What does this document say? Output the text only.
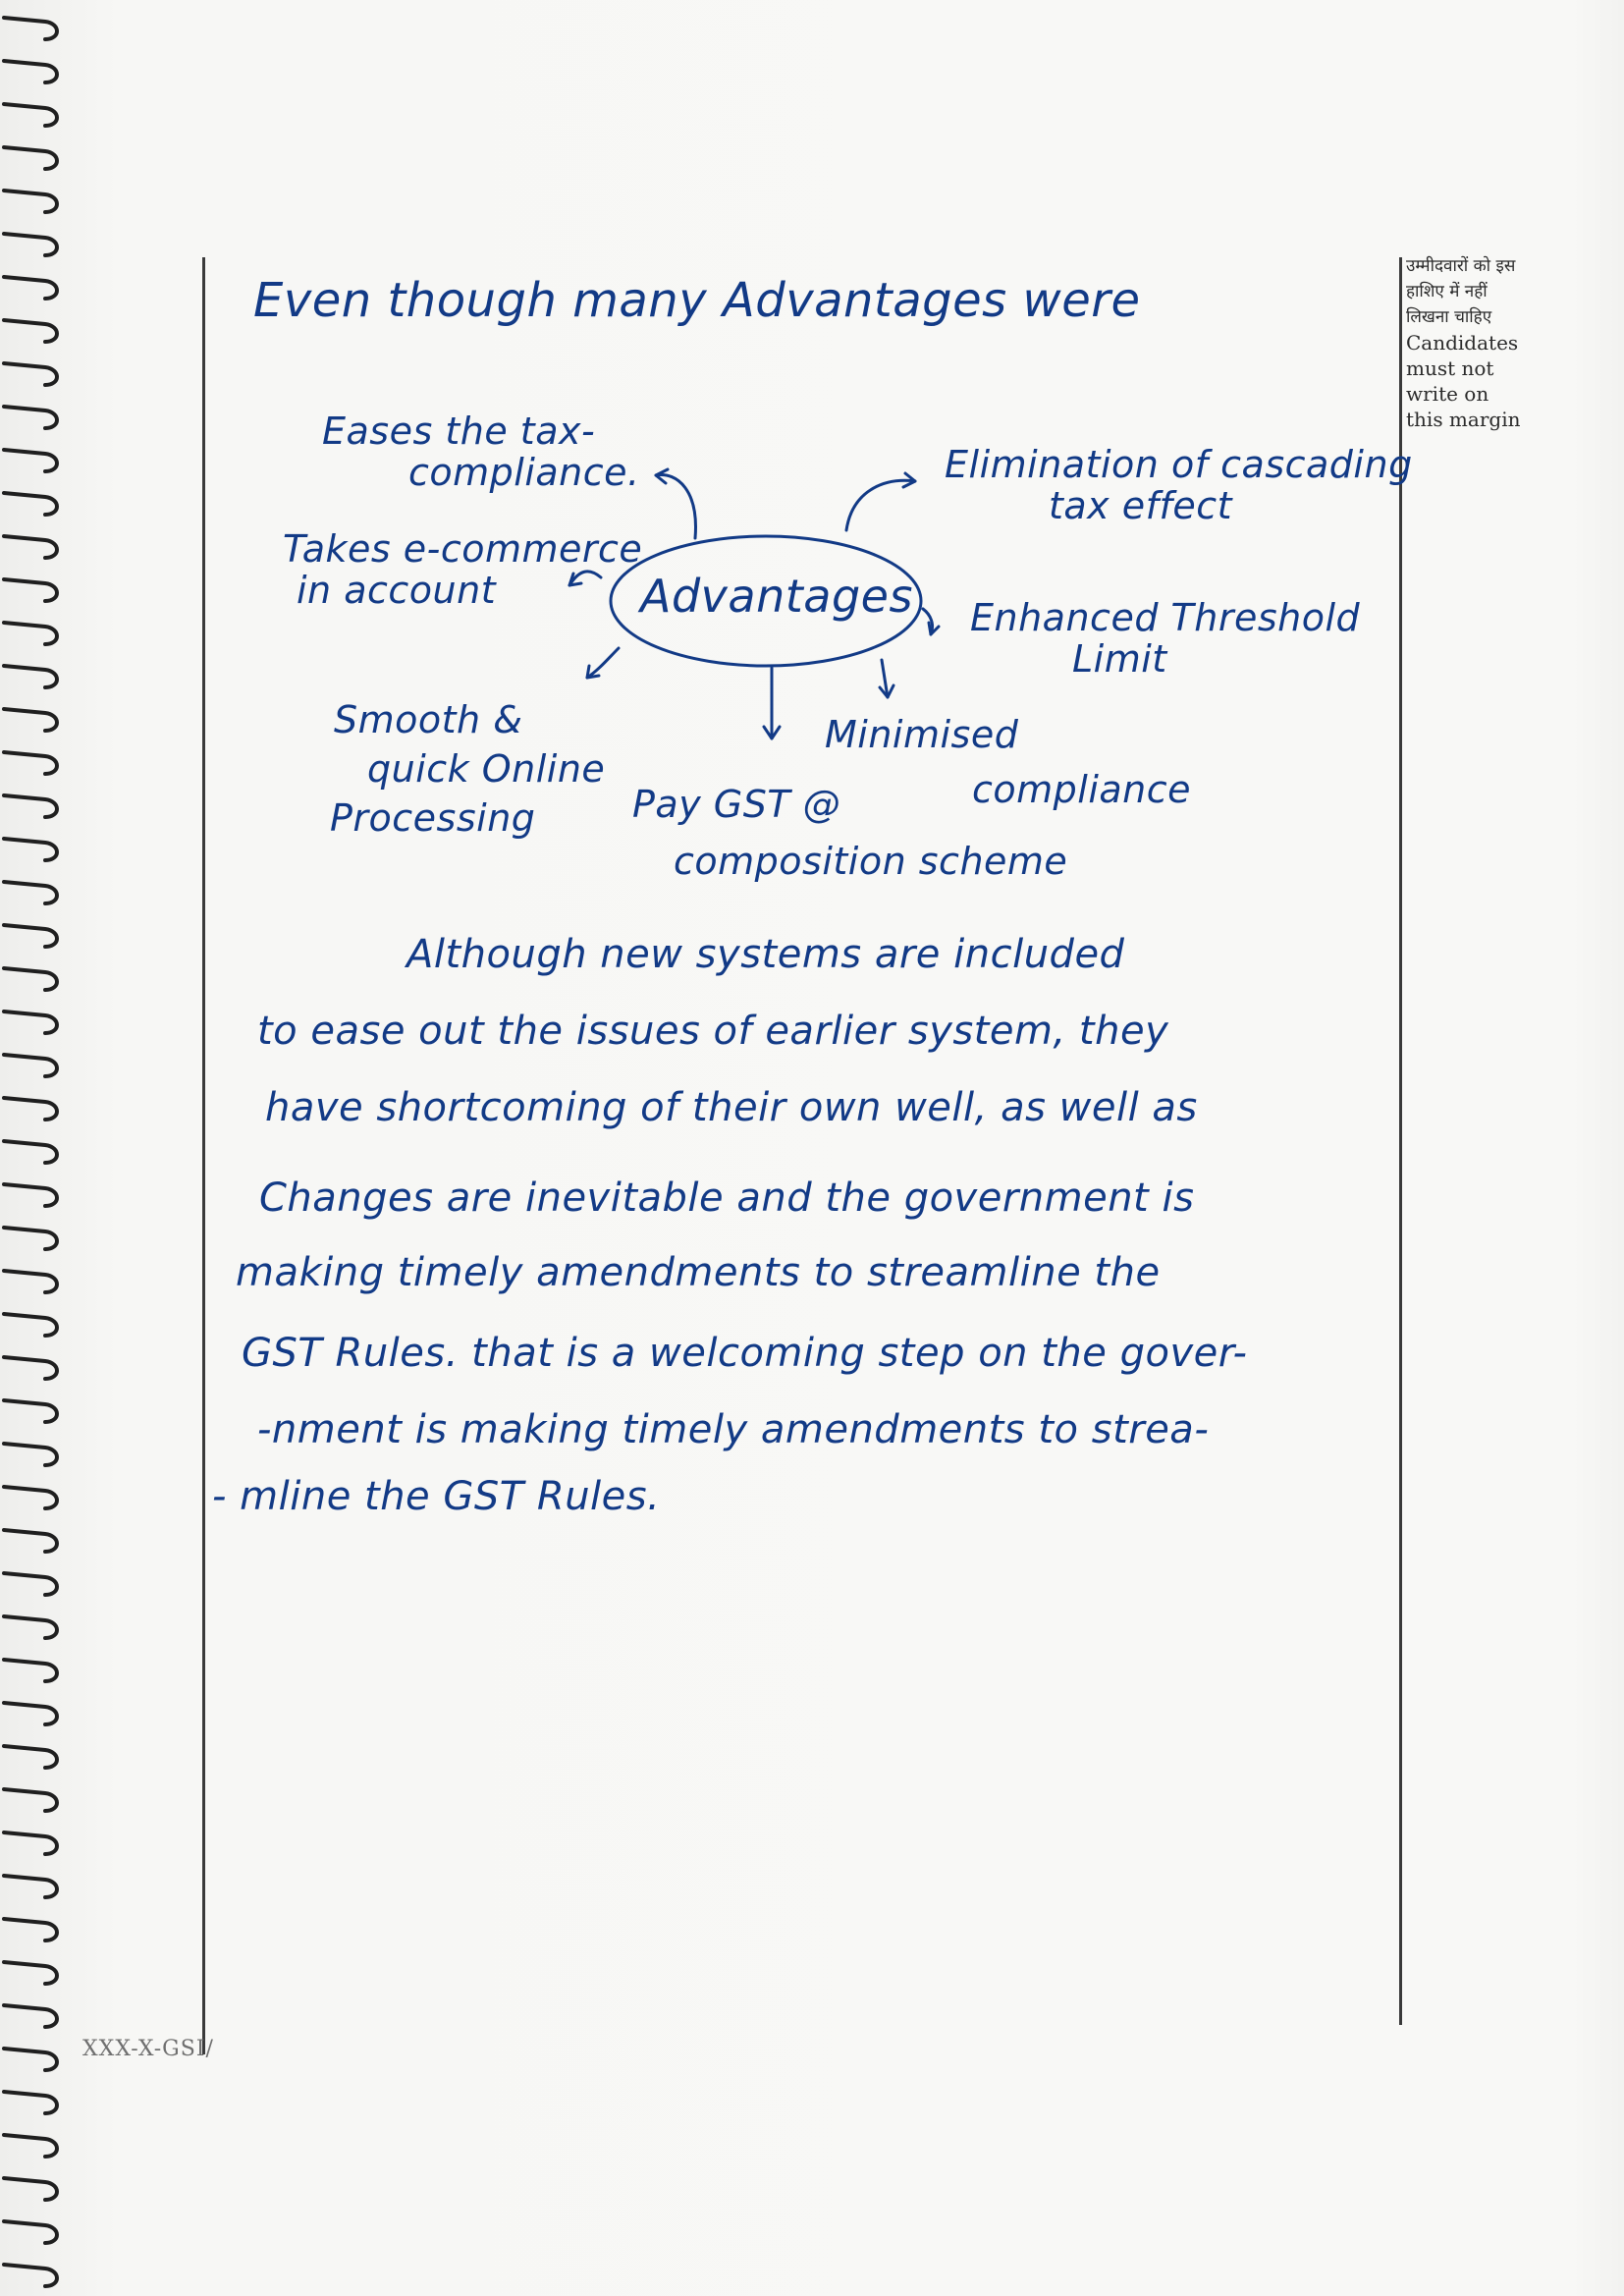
उम्मीदवारों को इस
हाशिए में नहीं
लिखना चाहिए
Candidates
must not
write on
this margin
Even though many Advantages were
Advantages
Eases the tax-
compliance.
Takes e-commerce
in account
Smooth &
quick Online
Processing	Pay GST @
composition scheme
Minimised
compliance
Enhanced Threshold
Limit
Elimination of cascading
tax effect
Although new systems are included
to ease out the issues of earlier system, they
have shortcoming of their own well, as well as
Changes are inevitable and the government is
making timely amendments to streamline the
GST Rules. that is a welcoming step on the gover-
-nment is making timely amendments to strea-
- mline the GST Rules.
XXX-X-GSI/
